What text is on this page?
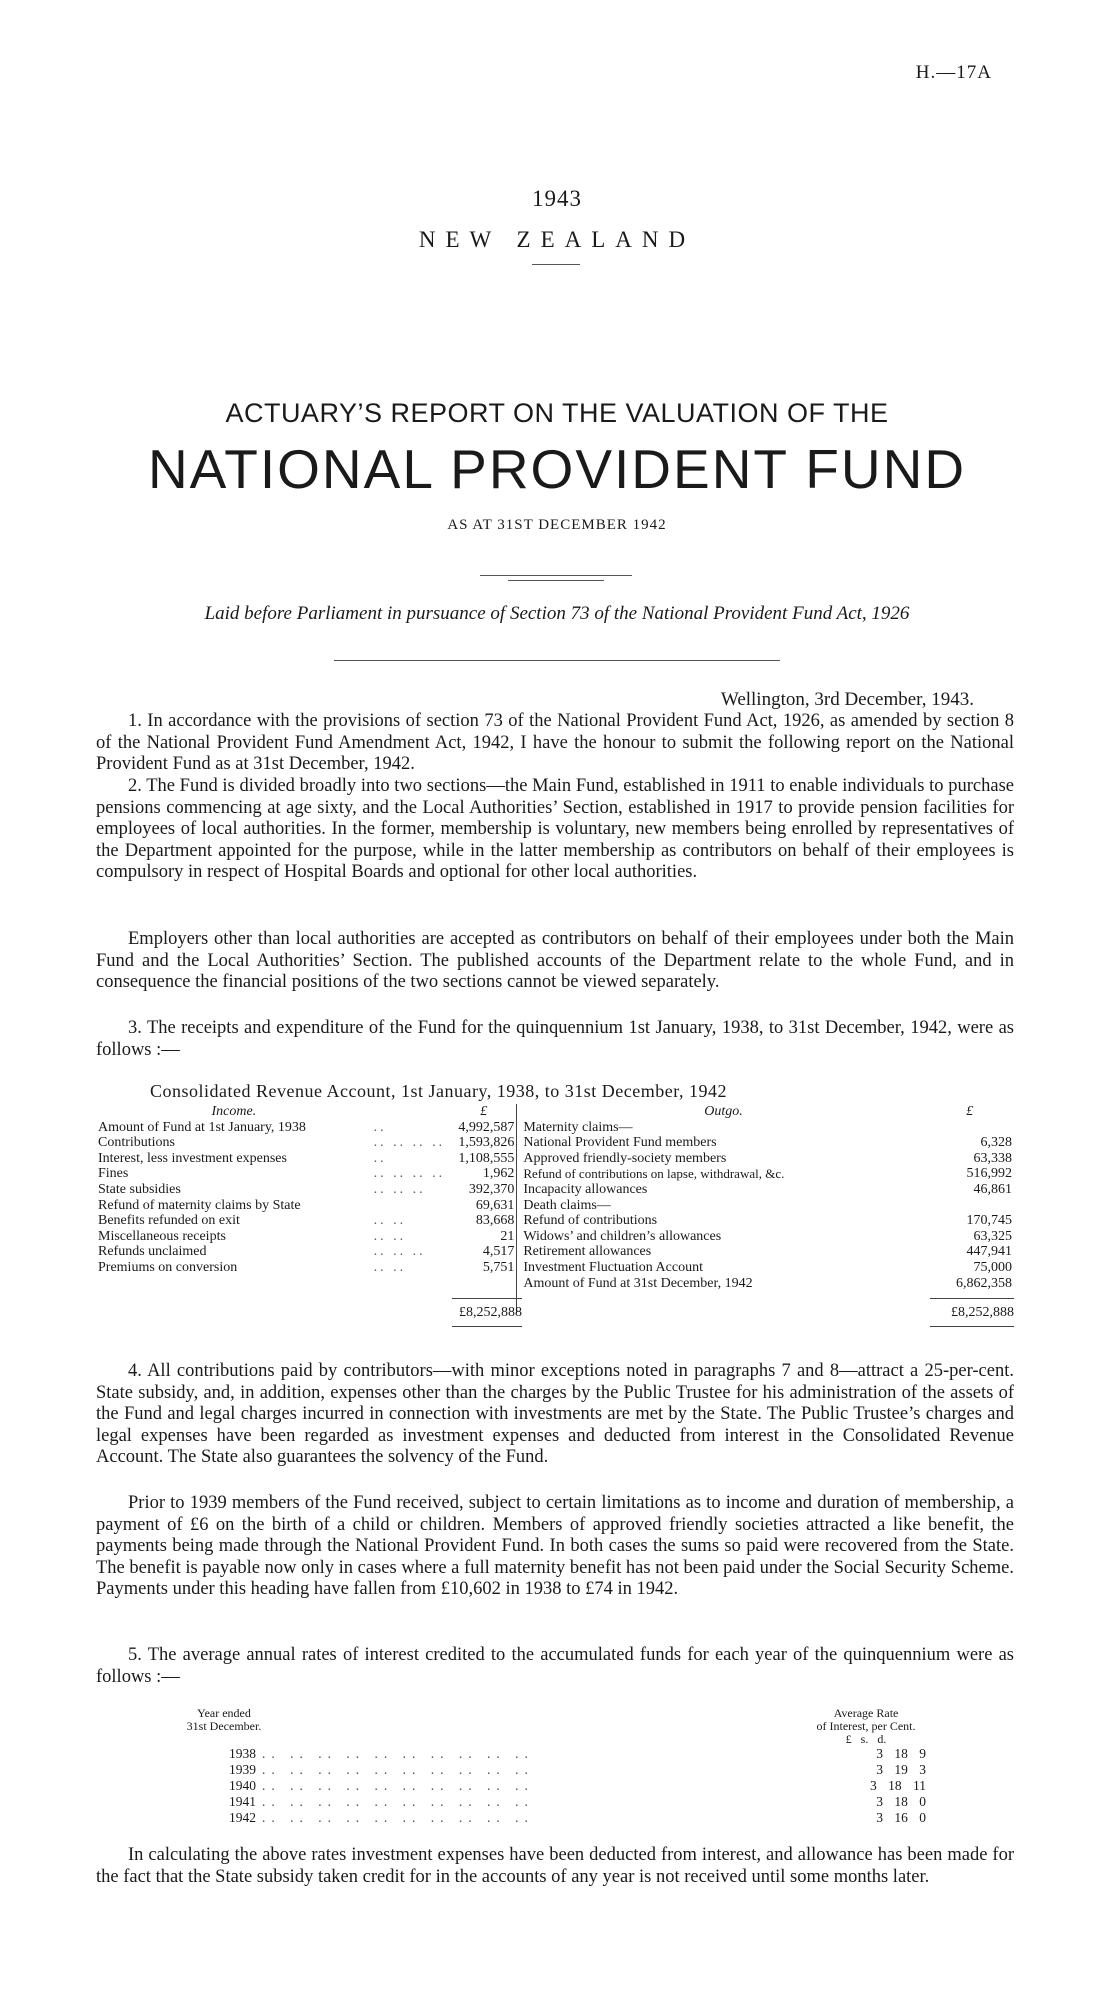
H.—17A
1943
NEW ZEALAND
ACTUARY’S REPORT ON THE VALUATION OF THE
NATIONAL PROVIDENT FUND
AS AT 31ST DECEMBER 1942
Laid before Parliament in pursuance of Section 73 of the National Provident Fund Act, 1926
Wellington, 3rd December, 1943.

1. In accordance with the provisions of section 73 of the National Provident Fund Act, 1926, as amended by section 8 of the National Provident Fund Amendment Act, 1942, I have the honour to submit the following report on the National Provident Fund as at 31st December, 1942.

2. The Fund is divided broadly into two sections—the Main Fund, established in 1911 to enable individuals to purchase pensions commencing at age sixty, and the Local Authorities’ Section, established in 1917 to provide pension facilities for employees of local authorities. In the former, membership is voluntary, new members being enrolled by representatives of the Department appointed for the purpose, while in the latter membership as contributors on behalf of their employees is compulsory in respect of Hospital Boards and optional for other local authorities.

Employers other than local authorities are accepted as contributors on behalf of their employees under both the Main Fund and the Local Authorities’ Section. The published accounts of the Department relate to the whole Fund, and in consequence the financial positions of the two sections cannot be viewed separately.

3. The receipts and expenditure of the Fund for the quinquennium 1st January, 1938, to 31st December, 1942, were as follows :—

Consolidated Revenue Account, 1st January, 1938, to 31st December, 1942
Income.		£	Outgo.	£
Amount of Fund at 1st January, 1938	..	4,992,587	Maternity claims—	
Contributions	.. .. .. ..	1,593,826	National Provident Fund members	6,328
Interest, less investment expenses	..	1,108,555	Approved friendly-society members	63,338
Fines	.. .. .. ..	1,962	Refund of contributions on lapse, withdrawal, &c.	516,992
State subsidies	.. .. ..	392,370	Incapacity allowances	46,861
Refund of maternity claims by State		69,631	Death claims—	
Benefits refunded on exit	.. ..	83,668	Refund of contributions	170,745
Miscellaneous receipts	.. ..	21	Widows’ and children’s allowances	63,325
Refunds unclaimed	.. .. ..	4,517	Retirement allowances	447,941
Premiums on conversion	.. ..	5,751	Investment Fluctuation Account	75,000
			Amount of Fund at 31st December, 1942	6,862,358

£8,252,888	£8,252,888

4. All contributions paid by contributors—with minor exceptions noted in paragraphs 7 and 8—attract a 25-per-cent. State subsidy, and, in addition, expenses other than the charges by the Public Trustee for his administration of the assets of the Fund and legal charges incurred in connection with investments are met by the State. The Public Trustee’s charges and legal expenses have been regarded as investment expenses and deducted from interest in the Consolidated Revenue Account. The State also guarantees the solvency of the Fund.

Prior to 1939 members of the Fund received, subject to certain limitations as to income and duration of membership, a payment of £6 on the birth of a child or children. Members of approved friendly societies attracted a like benefit, the payments being made through the National Provident Fund. In both cases the sums so paid were recovered from the State. The benefit is payable now only in cases where a full maternity benefit has not been paid under the Social Security Scheme. Payments under this heading have fallen from £10,602 in 1938 to £74 in 1942.

5. The average annual rates of interest credited to the accumulated funds for each year of the quinquennium were as follows :—

Year ended		Average Rate
31st December.		of Interest, per Cent.
		£ s. d.
1938	.. .. .. .. .. .. .. .. .. ..	3 18 9
1939	.. .. .. .. .. .. .. .. .. ..	3 19 3
1940	.. .. .. .. .. .. .. .. .. ..	3 18 11
1941	.. .. .. .. .. .. .. .. .. ..	3 18 0
1942	.. .. .. .. .. .. .. .. .. ..	3 16 0

In calculating the above rates investment expenses have been deducted from interest, and allowance has been made for the fact that the State subsidy taken credit for in the accounts of any year is not received until some months later.
